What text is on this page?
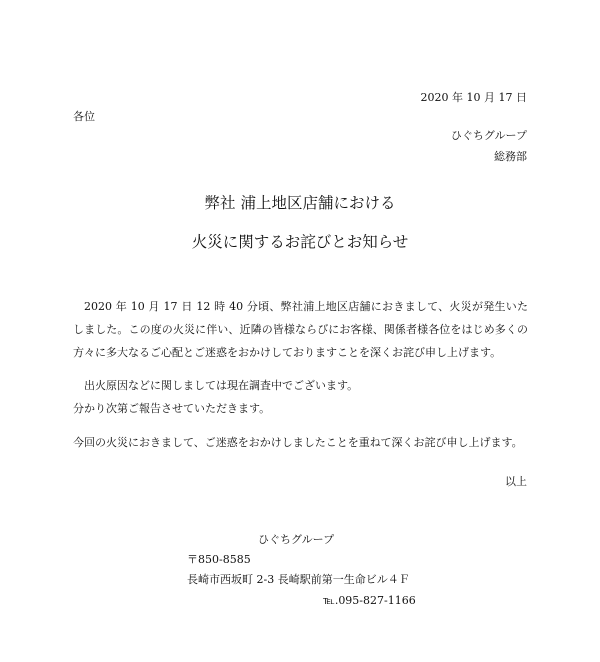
2020 年 10 月 17 日
各位
ひぐちグループ
総務部
弊社 浦上地区店舗における
火災に関するお詫びとお知らせ
2020 年 10 月 17 日 12 時 40 分頃、弊社浦上地区店舗におきまして、火災が発生いたしました。この度の火災に伴い、近隣の皆様ならびにお客様、関係者様各位をはじめ多くの方々に多大なるご心配とご迷惑をおかけしておりますことを深くお詫び申し上げます。
出火原因などに関しましては現在調査中でございます。
分かり次第ご報告させていただきます。
今回の火災におきまして、ご迷惑をおかけしましたことを重ねて深くお詫び申し上げます。
以上
ひぐちグループ
〒850-8585
長崎市西坂町 2-3 長崎駅前第一生命ビル４Ｆ
℡.095-827-1166
